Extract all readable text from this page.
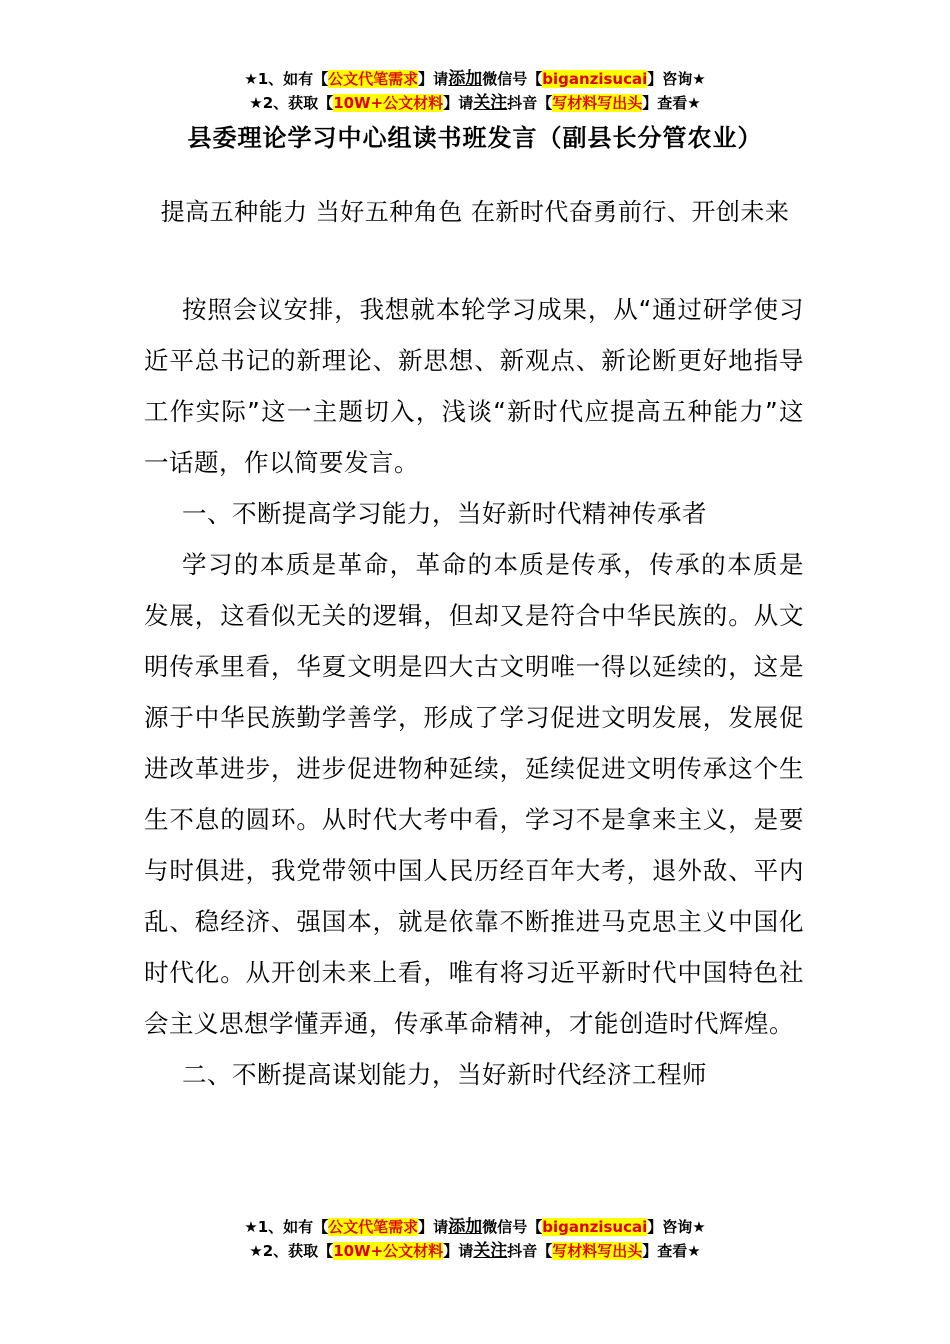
★1、如有【公文代笔需求】请添加微信号【biganzisucai】咨询★
★2、获取【10W+公文材料】请关注抖音【写材料写出头】查看★
县委理论学习中心组读书班发言（副县长分管农业）
提高五种能力 当好五种角色 在新时代奋勇前行、开创未来

按照会议安排，我想就本轮学习成果，从“通过研学使习近平总书记的新理论、新思想、新观点、新论断更好地指导工作实际”这一主题切入，浅谈“新时代应提高五种能力”这一话题，作以简要发言。

一、不断提高学习能力，当好新时代精神传承者

学习的本质是革命，革命的本质是传承，传承的本质是发展，这看似无关的逻辑，但却又是符合中华民族的。从文明传承里看，华夏文明是四大古文明唯一得以延续的，这是源于中华民族勤学善学，形成了学习促进文明发展，发展促进改革进步，进步促进物种延续，延续促进文明传承这个生生不息的圆环。从时代大考中看，学习不是拿来主义，是要与时俱进，我党带领中国人民历经百年大考，退外敌、平内乱、稳经济、强国本，就是依靠不断推进马克思主义中国化时代化。从开创未来上看，唯有将习近平新时代中国特色社会主义思想学懂弄通，传承革命精神，才能创造时代辉煌。

二、不断提高谋划能力，当好新时代经济工程师

★1、如有【公文代笔需求】请添加微信号【biganzisucai】咨询★
★2、获取【10W+公文材料】请关注抖音【写材料写出头】查看★
